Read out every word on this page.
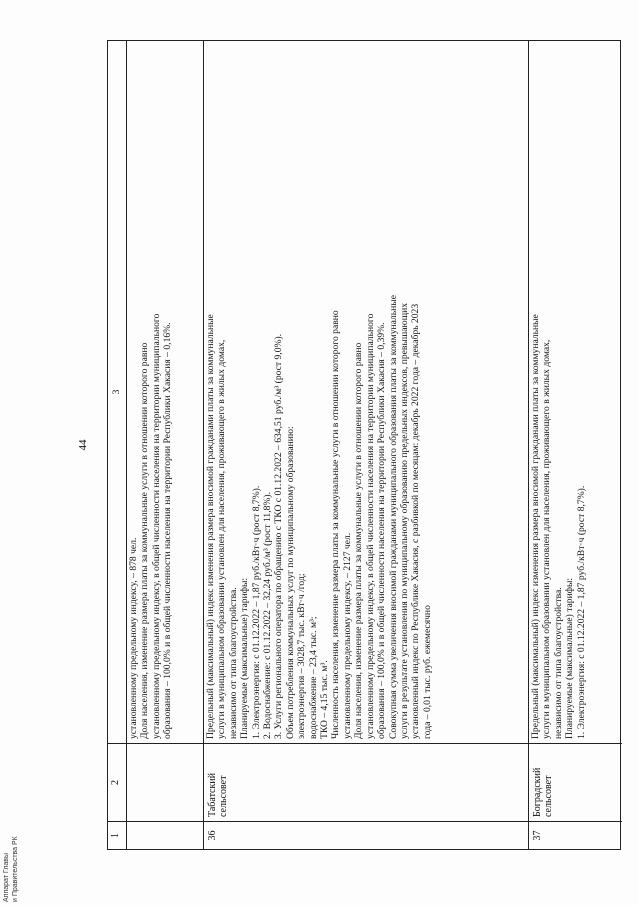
44
1
2
3

установленному предельному индексу, – 878 чел. Доля населения, изменение размера платы за коммунальные услуги в отношении которого равно установленному предельному индексу, в общей численности населения на территории муниципального образования – 100,0% и в общей численности населения на территории Республики Хакасия – 0,16%.

36
Табатский сельсовет

Предельный (максимальный) индекс изменения размера вносимой гражданами платы за коммунальные услуги в муниципальном образовании установлен для населения, проживающего в жилых домах, независимо от типа благоустройства. Планируемые (максимальные) тарифы: 1. Электроэнергия: с 01.12.2022 – 1,87 руб./кВт·ч (рост 8,7%). 2. Водоснабжение: с 01.12.2022 – 32,24 руб./м³ (рост 11,8%). 3. Услуги регионального оператора по обращению с ТКО с 01.12.2022 – 634,51 руб./м³ (рост 9,0%). Объем потребления коммунальных услуг по муниципальному образованию: электроэнергия – 3028,7 тыс. кВт·ч /год; водоснабжение – 23,4 тыс. м³; ТКО – 4,15 тыс. м³. Численность населения, изменение размера платы за коммунальные услуги в отношении которого равно установленному предельному индексу, – 2127 чел. Доля населения, изменение размера платы за коммунальные услуги в отношении которого равно установленному предельному индексу, в общей численности населения на территории муниципального образования – 100,0% и в общей численности населения на территории Республики Хакасия – 0,39%. Совокупная сумма увеличения вносимой гражданами муниципального образования платы за коммунальные услуги в результате установления по муниципальному образованию предельных индексов, превышающих установленный индекс по Республике Хакасия, с разбивкой по месяцам: декабрь 2022 года – декабрь 2023 года – 0,01 тыс. руб. ежемесячно

37
Боградский сельсовет

Предельный (максимальный) индекс изменения размера вносимой гражданами платы за коммунальные услуги в муниципальном образовании установлен для населения, проживающего в жилых домах, независимо от типа благоустройства. Планируемые (максимальные) тарифы: 1. Электроэнергия: с 01.12.2022 – 1,87 руб./кВт·ч (рост 8,7%).

Аппарат Главы и Правительства РК
